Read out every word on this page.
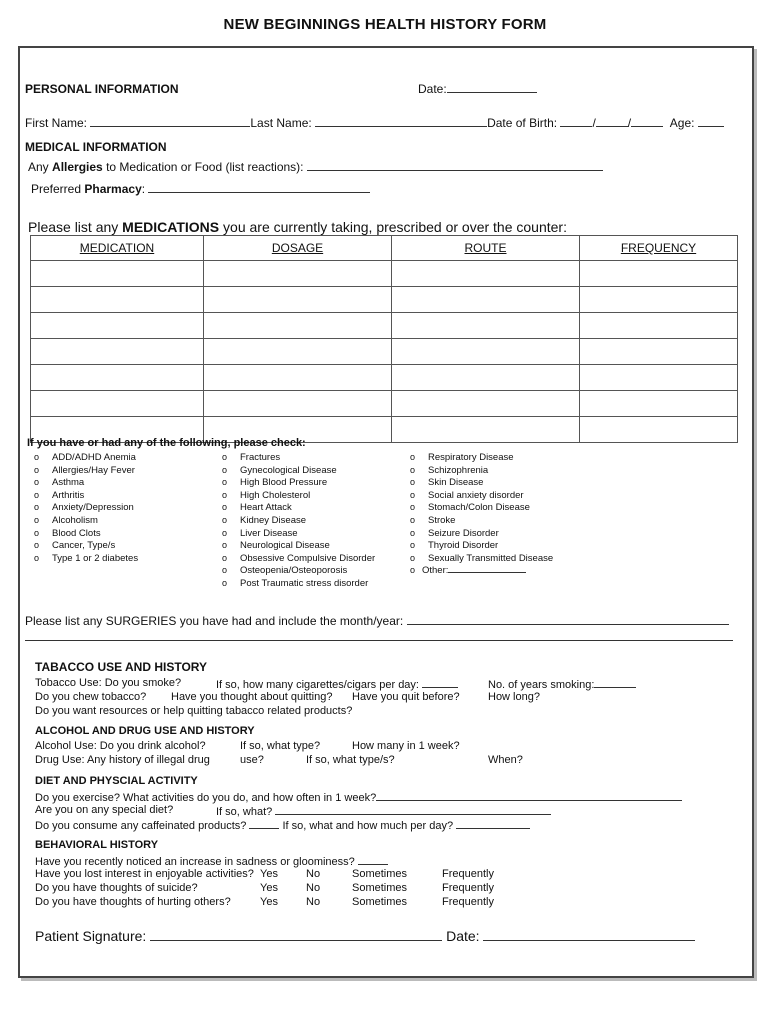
NEW BEGINNINGS HEALTH HISTORY FORM
PERSONAL INFORMATION	Date:
First Name:	Last Name:	Date of Birth:	/	/	Age:
MEDICAL INFORMATION
Any Allergies to Medication or Food (list reactions):
Preferred Pharmacy:
Please list any MEDICATIONS you are currently taking, prescribed or over the counter:
MEDICATION	DOSAGE	ROUTE	FREQUENCY

If you have or had any of the following, please check:
o ADD/ADHD Anemia
o Allergies/Hay Fever
o Asthma
o Arthritis
o Anxiety/Depression
o Alcoholism
o Blood Clots
o Cancer, Type/s
o Type 1 or 2 diabetes
o Fractures
o Gynecological Disease
o High Blood Pressure
o High Cholesterol
o Heart Attack
o Kidney Disease
o Liver Disease
o Neurological Disease
o Obsessive Compulsive Disorder
o Osteopenia/Osteoporosis
o Post Traumatic stress disorder
o Respiratory Disease
o Schizophrenia
o Skin Disease
o Social anxiety disorder
o Stomach/Colon Disease
o Stroke
o Seizure Disorder
o Thyroid Disorder
o Sexually Transmitted Disease
o Other:
Please list any SURGERIES you have had and include the month/year:
TABACCO USE AND HISTORY
Tobacco Use: Do you smoke?	If so, how many cigarettes/cigars per day:	No. of years smoking:
Do you chew tobacco? Have you thought about quitting? Have you quit before?	How long?
Do you want resources or help quitting tabacco related products?
ALCOHOL AND DRUG USE AND HISTORY
Alcohol Use: Do you drink alcohol?	If so, what type?	How many in 1 week?
Drug Use: Any history of illegal drug	use?	If so, what type/s?	When?
DIET AND PHYSCIAL ACTIVITY
Do you exercise? What activities do you do, and how often in 1 week?
Are you on any special diet?	If so, what?
Do you consume any caffeinated products?	If so, what and how much per day?
BEHAVIORAL HISTORY
Have you recently noticed an increase in sadness or gloominess?
Have you lost interest in enjoyable activities? Yes	No	Sometimes	Frequently
Do you have thoughts of suicide?	Yes	No	Sometimes	Frequently
Do you have thoughts of hurting others?	Yes	No	Sometimes	Frequently
Patient Signature:	Date:
